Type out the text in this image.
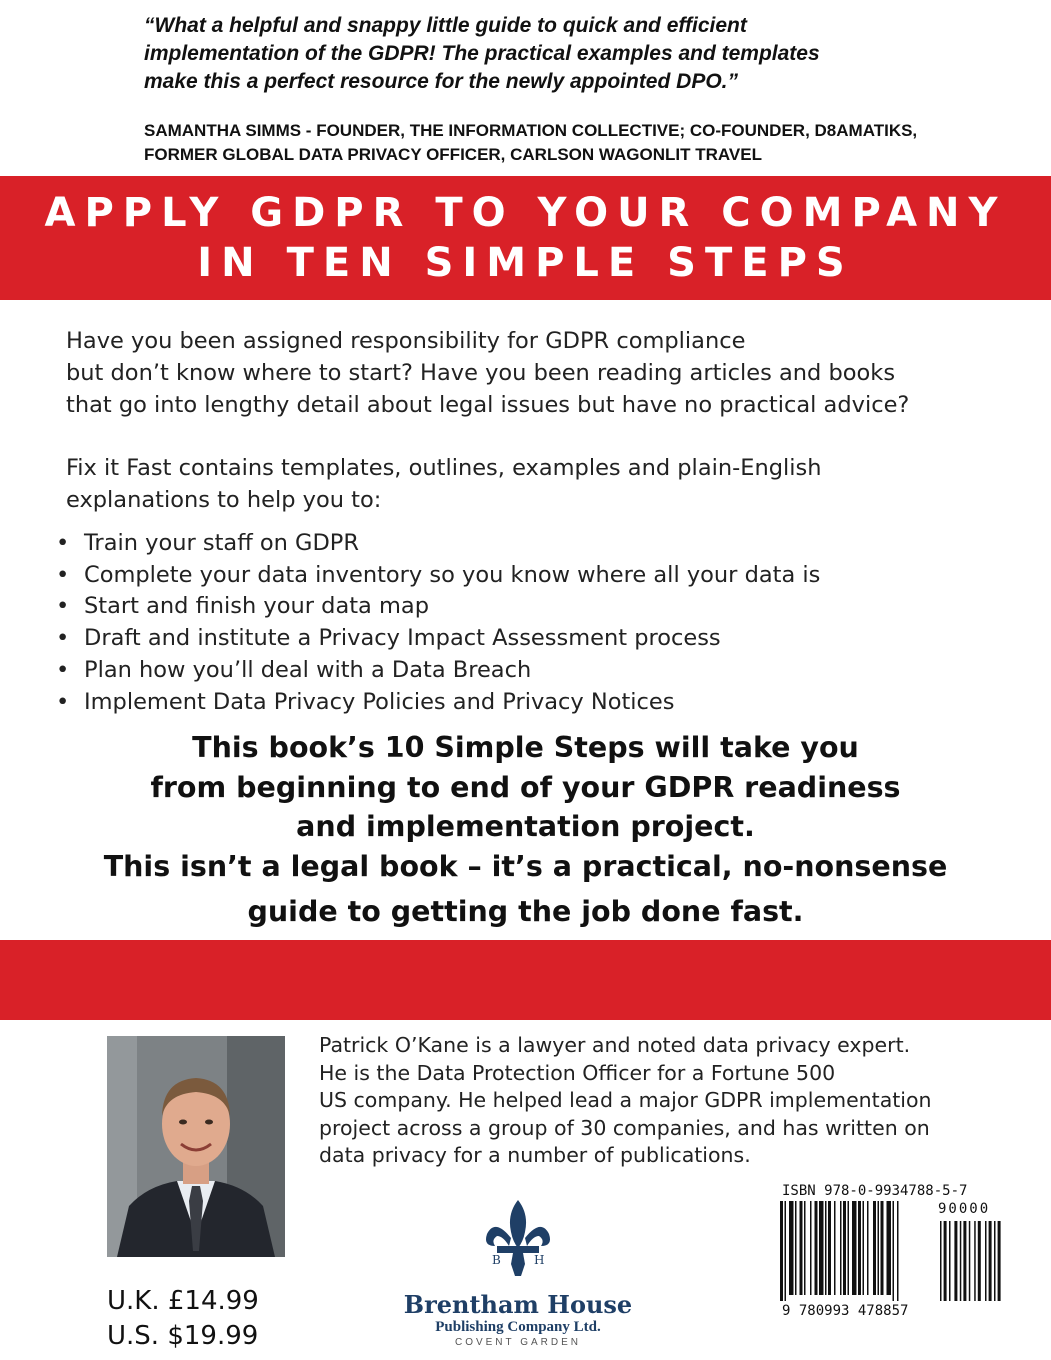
“What a helpful and snappy little guide to quick and efficient
implementation of the GDPR! The practical examples and templates
make this a perfect resource for the newly appointed DPO.”
SAMANTHA SIMMS - FOUNDER, THE INFORMATION COLLECTIVE; CO-FOUNDER, D8AMATIKS,
FORMER GLOBAL DATA PRIVACY OFFICER, CARLSON WAGONLIT TRAVEL
APPLY GDPR TO YOUR COMPANY
IN TEN SIMPLE STEPS
Have you been assigned responsibility for GDPR compliance
but don’t know where to start? Have you been reading articles and books
that go into lengthy detail about legal issues but have no practical advice?
Fix it Fast contains templates, outlines, examples and plain-English
explanations to help you to:
• Train your staff on GDPR
• Complete your data inventory so you know where all your data is
• Start and finish your data map
• Draft and institute a Privacy Impact Assessment process
• Plan how you’ll deal with a Data Breach
• Implement Data Privacy Policies and Privacy Notices
This book’s 10 Simple Steps will take you
from beginning to end of your GDPR readiness
and implementation project.
This isn’t a legal book – it’s a practical, no-nonsense
guide to getting the job done fast.
Patrick O’Kane is a lawyer and noted data privacy expert.
He is the Data Protection Officer for a Fortune 500
US company. He helped lead a major GDPR implementation
project across a group of 30 companies, and has written on
data privacy for a number of publications.
U.K. £14.99
U.S. $19.99
B	H
Brentham House
Publishing Company Ltd.
COVENT GARDEN
ISBN 978-0-9934788-5-7
90000
9 780993 478857
